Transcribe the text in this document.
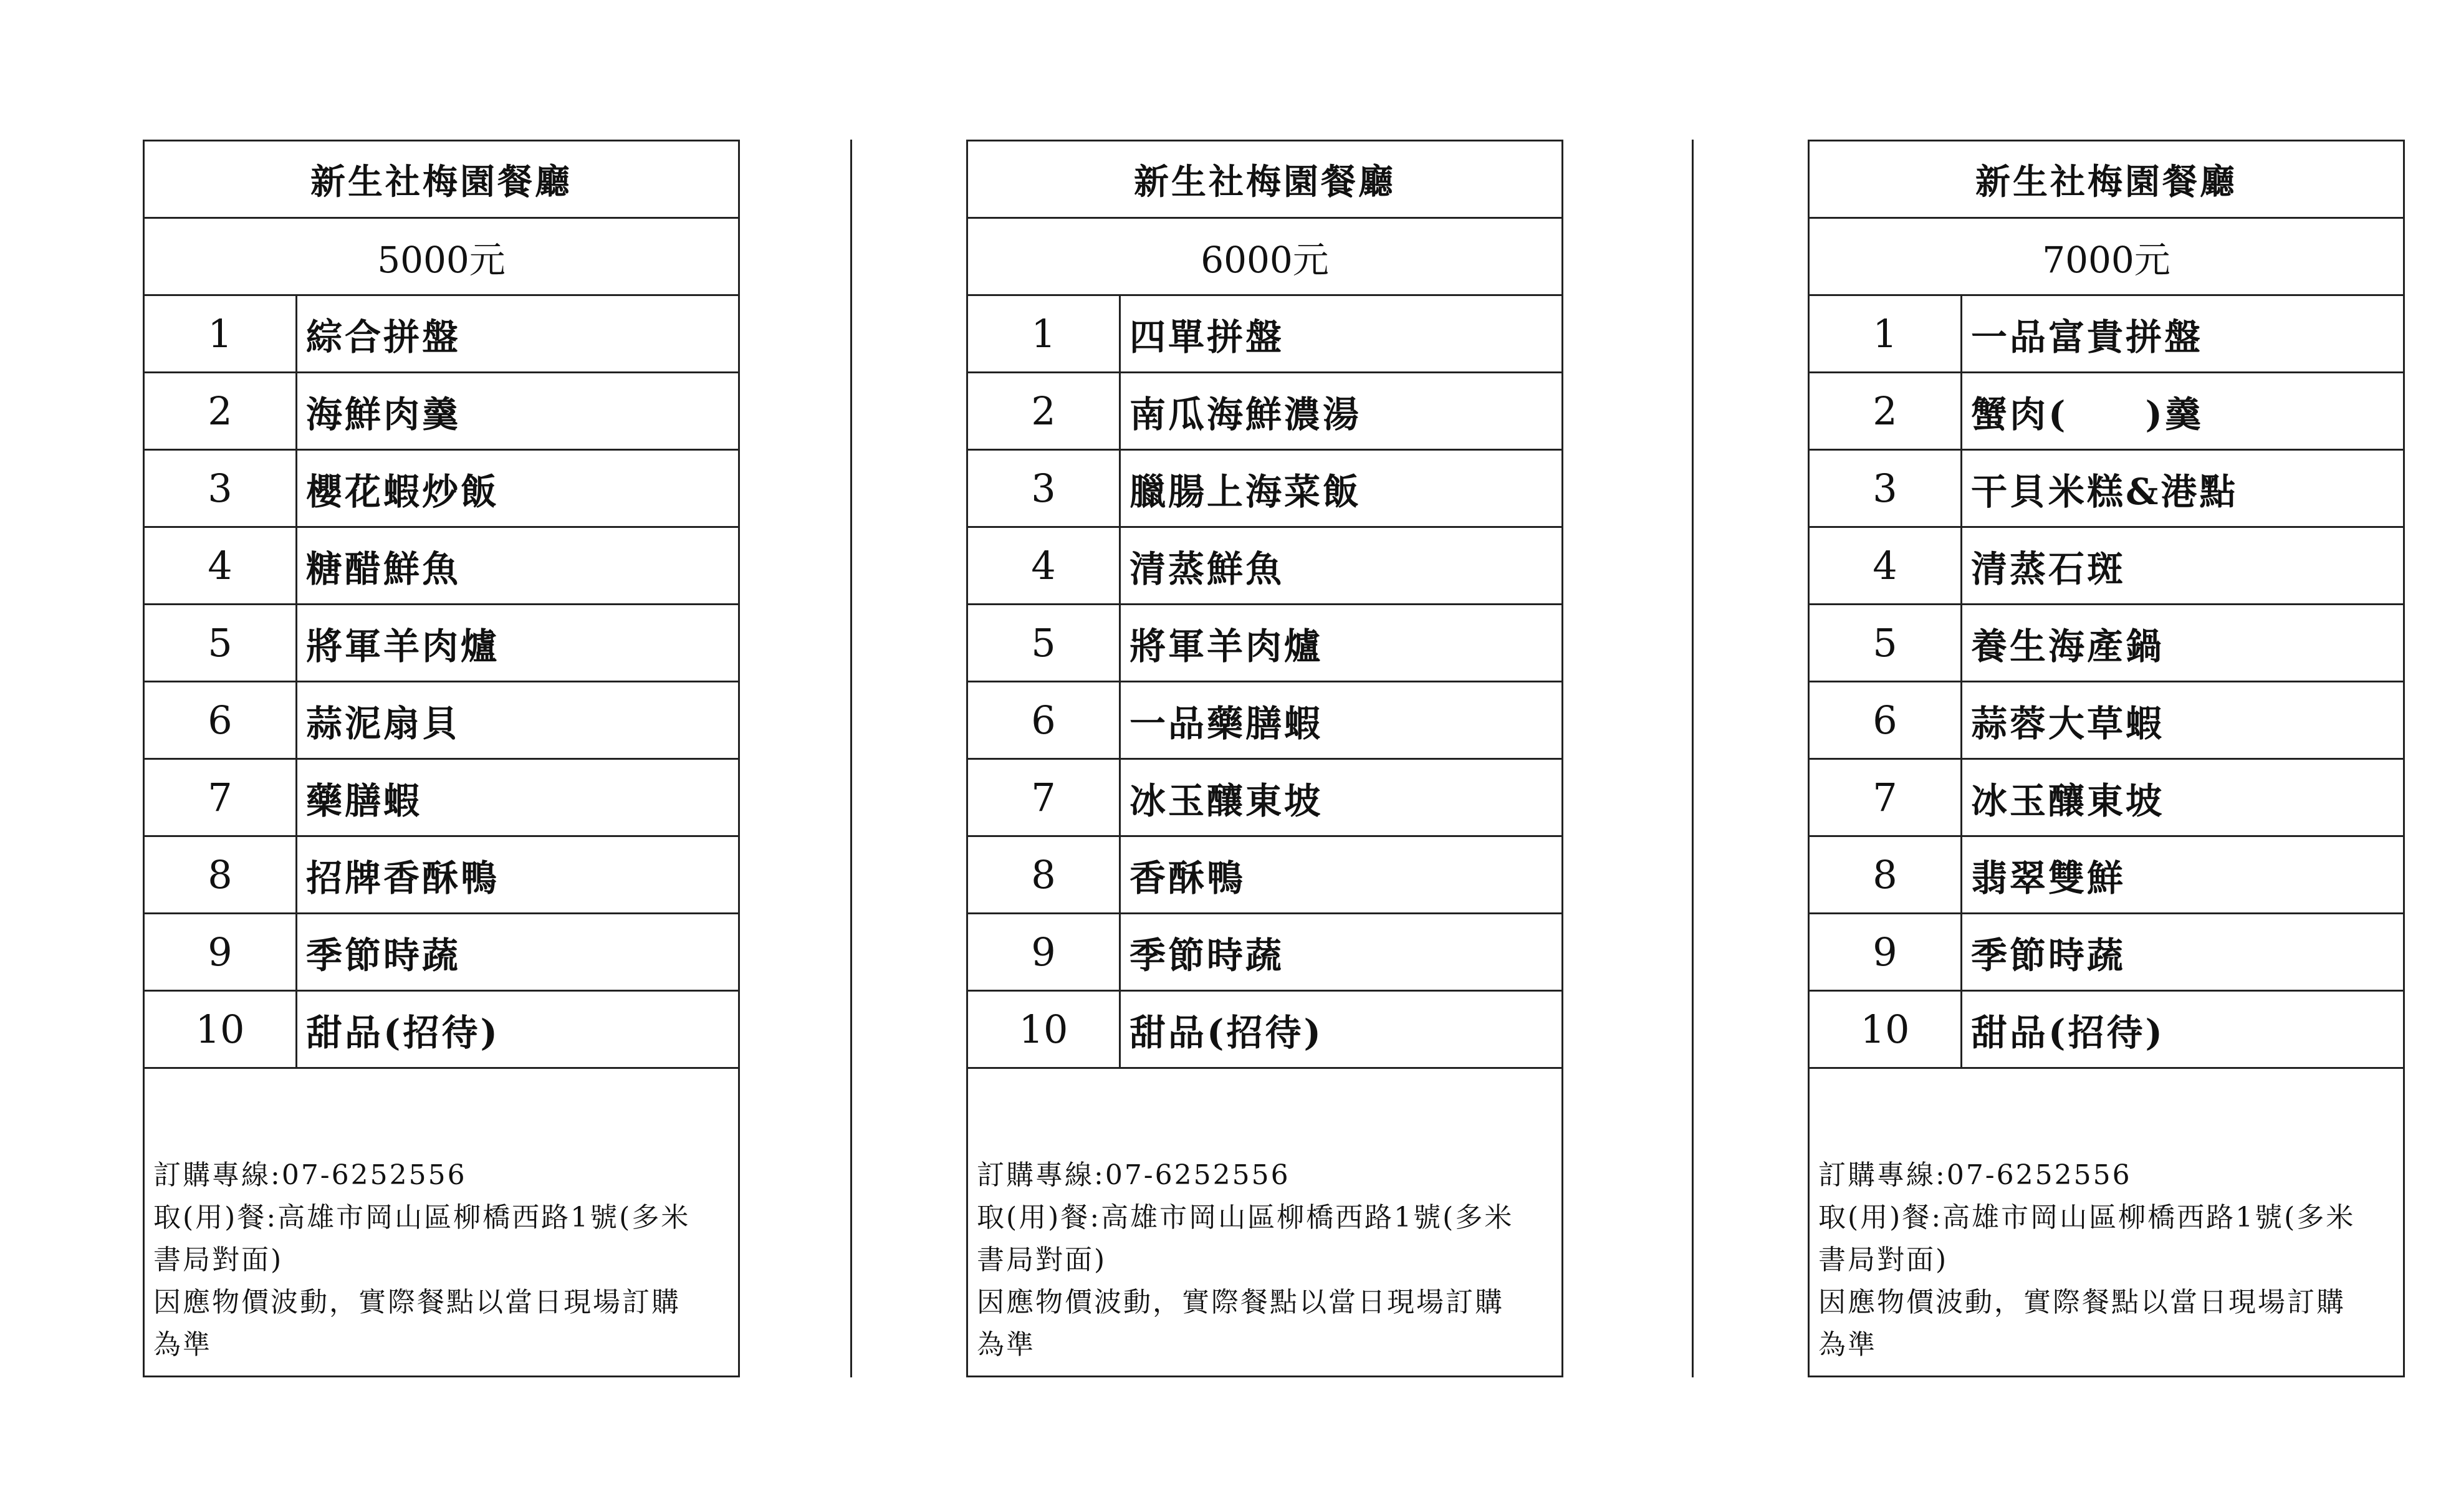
新生社梅園餐廳
5000元
1	綜合拼盤
2	海鮮肉羹
3	櫻花蝦炒飯
4	糖醋鮮魚
5	將軍羊肉爐
6	蒜泥扇貝
7	藥膳蝦
8	招牌香酥鴨
9	季節時蔬
10	甜品(招待)
訂購專線:07-6252556
取(用)餐:高雄市岡山區柳橋西路1號(多米
書局對面)
因應物價波動，實際餐點以當日現場訂購
為準
新生社梅園餐廳
6000元
1	四單拼盤
2	南瓜海鮮濃湯
3	臘腸上海菜飯
4	清蒸鮮魚
5	將軍羊肉爐
6	一品藥膳蝦
7	冰玉釀東坡
8	香酥鴨
9	季節時蔬
10	甜品(招待)
訂購專線:07-6252556
取(用)餐:高雄市岡山區柳橋西路1號(多米
書局對面)
因應物價波動，實際餐點以當日現場訂購
為準
新生社梅園餐廳
7000元
1	一品富貴拼盤
2	蟹肉(　　)羹
3	干貝米糕&港點
4	清蒸石斑
5	養生海產鍋
6	蒜蓉大草蝦
7	冰玉釀東坡
8	翡翠雙鮮
9	季節時蔬
10	甜品(招待)
訂購專線:07-6252556
取(用)餐:高雄市岡山區柳橋西路1號(多米
書局對面)
因應物價波動，實際餐點以當日現場訂購
為準
